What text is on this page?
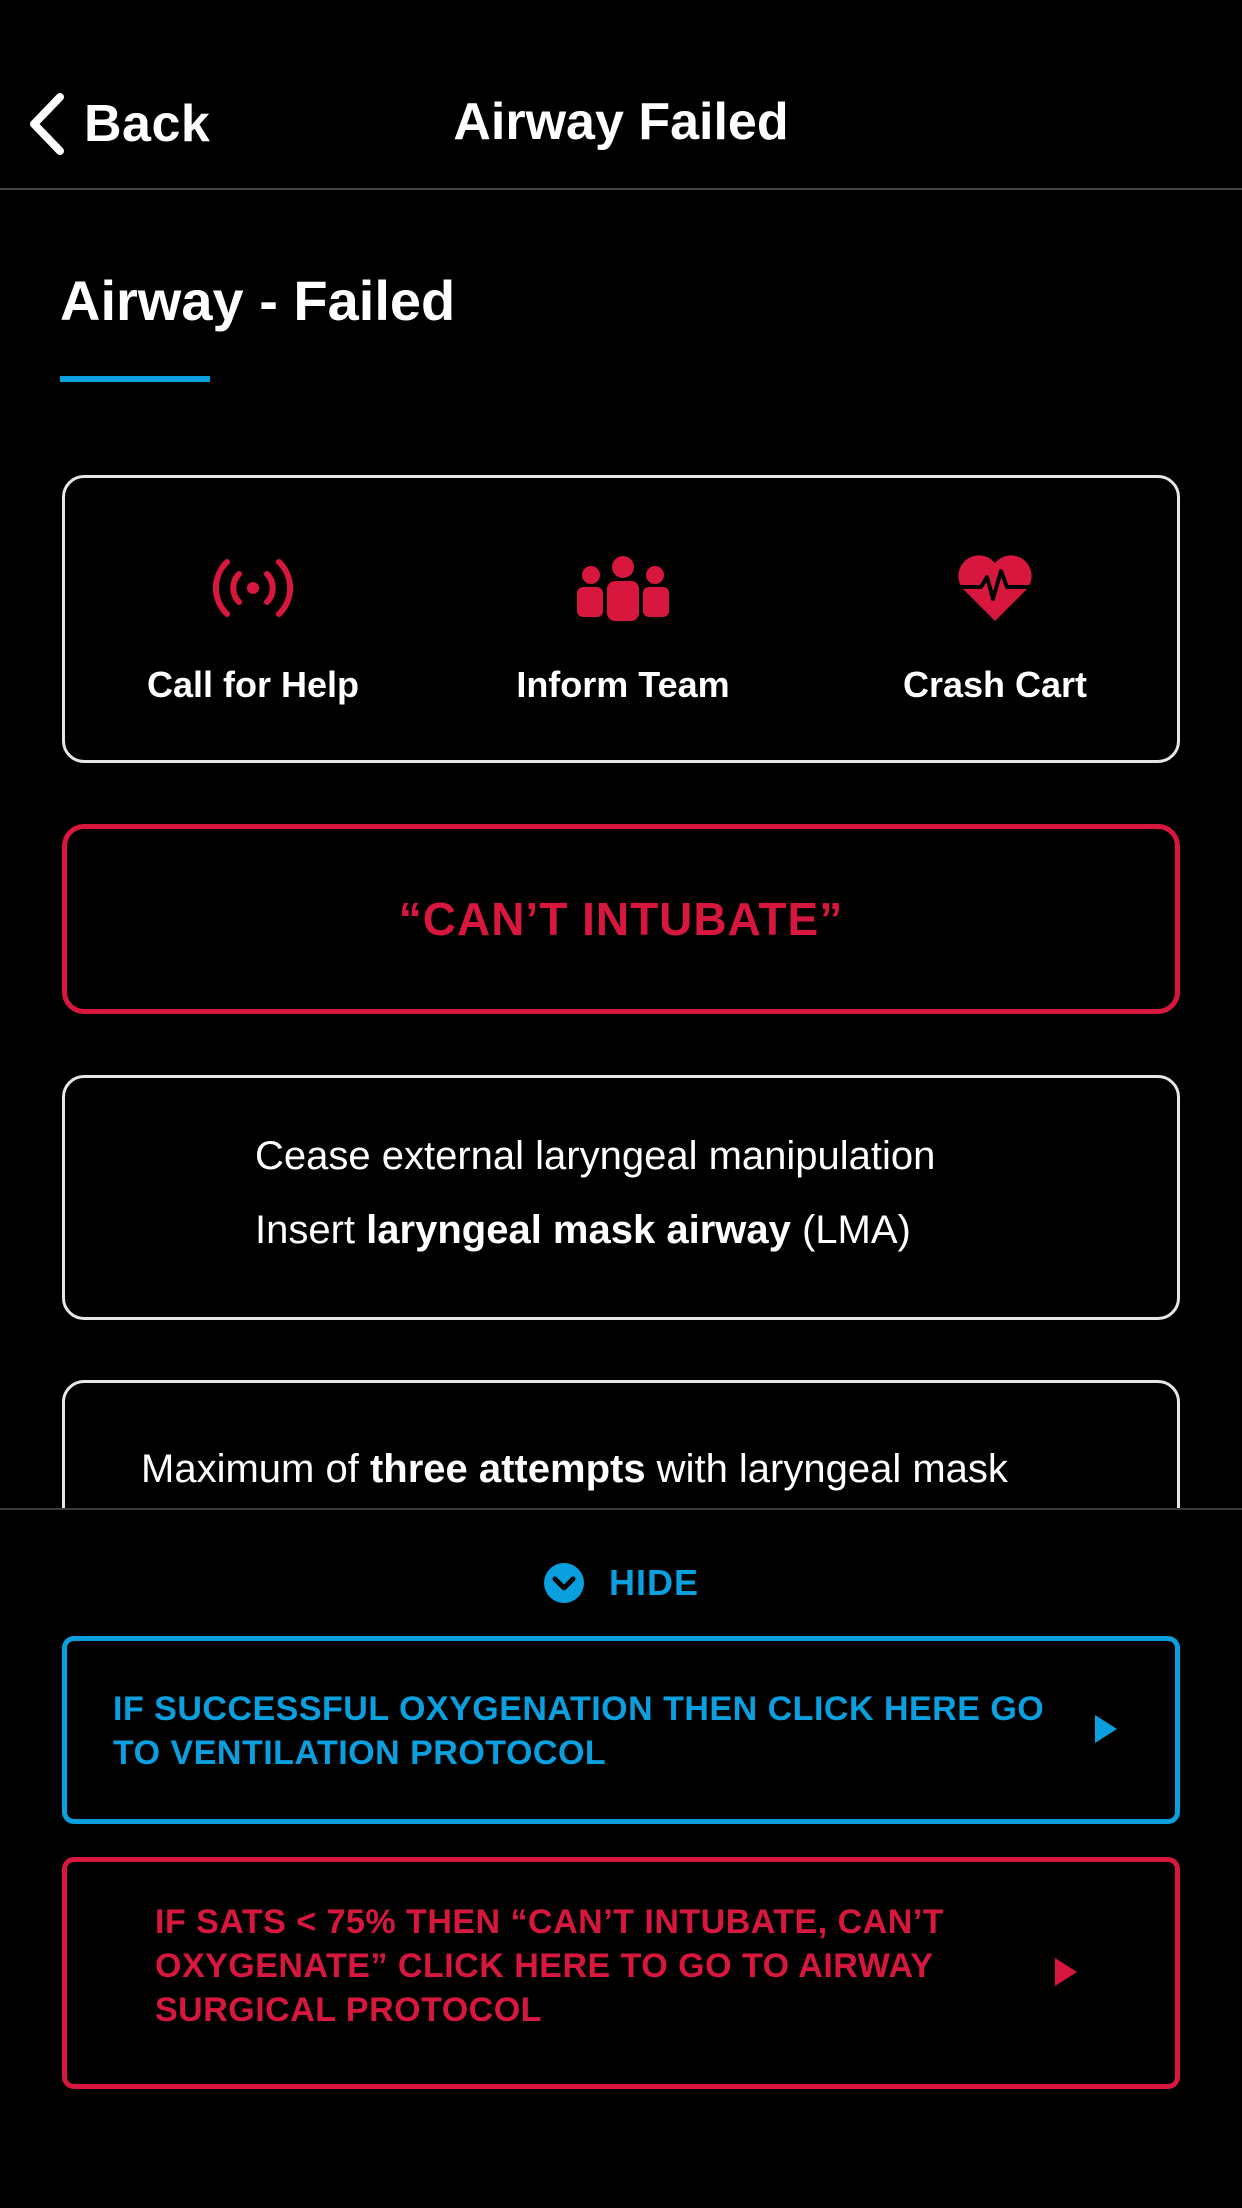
Back	Airway Failed
Airway - Failed
Call for Help	Inform Team	Crash Cart
“CAN’T INTUBATE”
Cease external laryngeal manipulation
Insert laryngeal mask airway (LMA)
Maximum of three attempts with laryngeal mask
HIDE
IF SUCCESSFUL OXYGENATION THEN CLICK HERE GO TO VENTILATION PROTOCOL
IF SATS < 75% THEN “CAN’T INTUBATE, CAN’T OXYGENATE” CLICK HERE TO GO TO AIRWAY SURGICAL PROTOCOL
